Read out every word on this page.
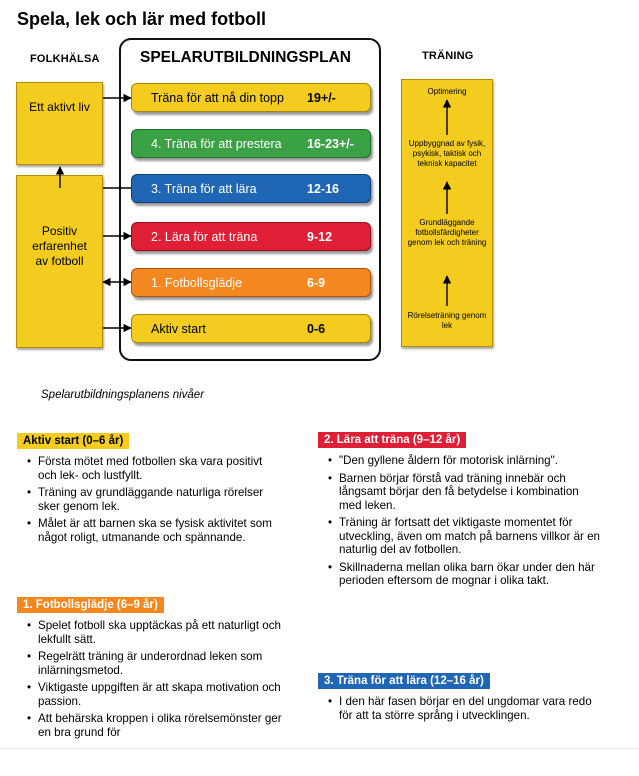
Spela, lek och lär med fotboll
FOLKHÄLSA
Ett aktivt liv
Positiv erfarenhet av fotboll
SPELARUTBILDNINGSPLAN
Träna för att nå din topp 19+/-
4. Träna för att prestera 16-23+/-
3. Träna för att lära	12-16
2. Lära för att träna	9-12
1. Fotbollsglädje	6-9
Aktiv start	0-6
TRÄNING
Optimering
Uppbyggnad av fysik, psykisk, taktisk och teknisk kapacitet
Grundläggande fotbollsfärdigheter genom lek och träning
Rörelseträning genom lek
Spelarutbildningsplanens nivåer
Aktiv start (0–6 år)
• Första mötet med fotbollen ska vara positivt och lek- och lustfyllt.
• Träning av grundläggande naturliga rörelser sker genom lek.
• Målet är att barnen ska se fysisk aktivitet som något roligt, utmanande och spännande.
1. Fotbollsglädje (6–9 år)
• Spelet fotboll ska upptäckas på ett naturligt och lekfullt sätt.
• Regelrätt träning är underordnad leken som inlärningsmetod.
• Viktigaste uppgiften är att skapa motivation och passion.
• Att behärska kroppen i olika rörelsemönster ger en bra grund för
2. Lära att träna (9–12 år)
• "Den gyllene åldern för motorisk inlärning".
• Barnen börjar förstå vad träning innebär och långsamt börjar den få betydelse i kombination med leken.
• Träning är fortsatt det viktigaste momentet för utveckling, även om match på barnens villkor är en naturlig del av fotbollen.
• Skillnaderna mellan olika barn ökar under den här perioden eftersom de mognar i olika takt.
3. Träna för att lära (12–16 år)
• I den här fasen börjar en del ungdomar vara redo för att ta större språng i utvecklingen.
